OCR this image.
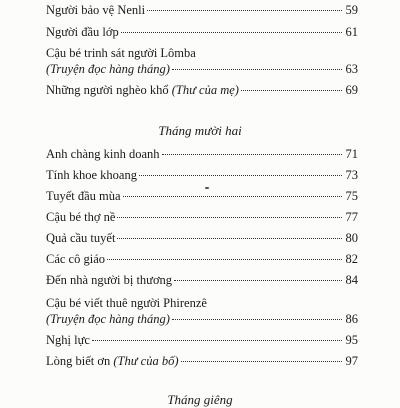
Người bảo vệ Nenli	59
Người đầu lớp	61
Cậu bé trinh sát người Lômba
(Truyện đọc hàng tháng)	63
Những người nghèo khổ (Thư của mẹ)	69
Tháng mười hai
Anh chàng kinh doanh	71
Tính khoe khoang	73
Tuyết đầu mùa	75
Cậu bé thợ nề	77
Quả cầu tuyết	80
Các cô giáo	82
Đến nhà người bị thương	84
Cậu bé viết thuê người Phirenzê
(Truyện đọc hàng tháng)	86
Nghị lực	95
Lòng biết ơn (Thư của bố)	97
Tháng giêng
